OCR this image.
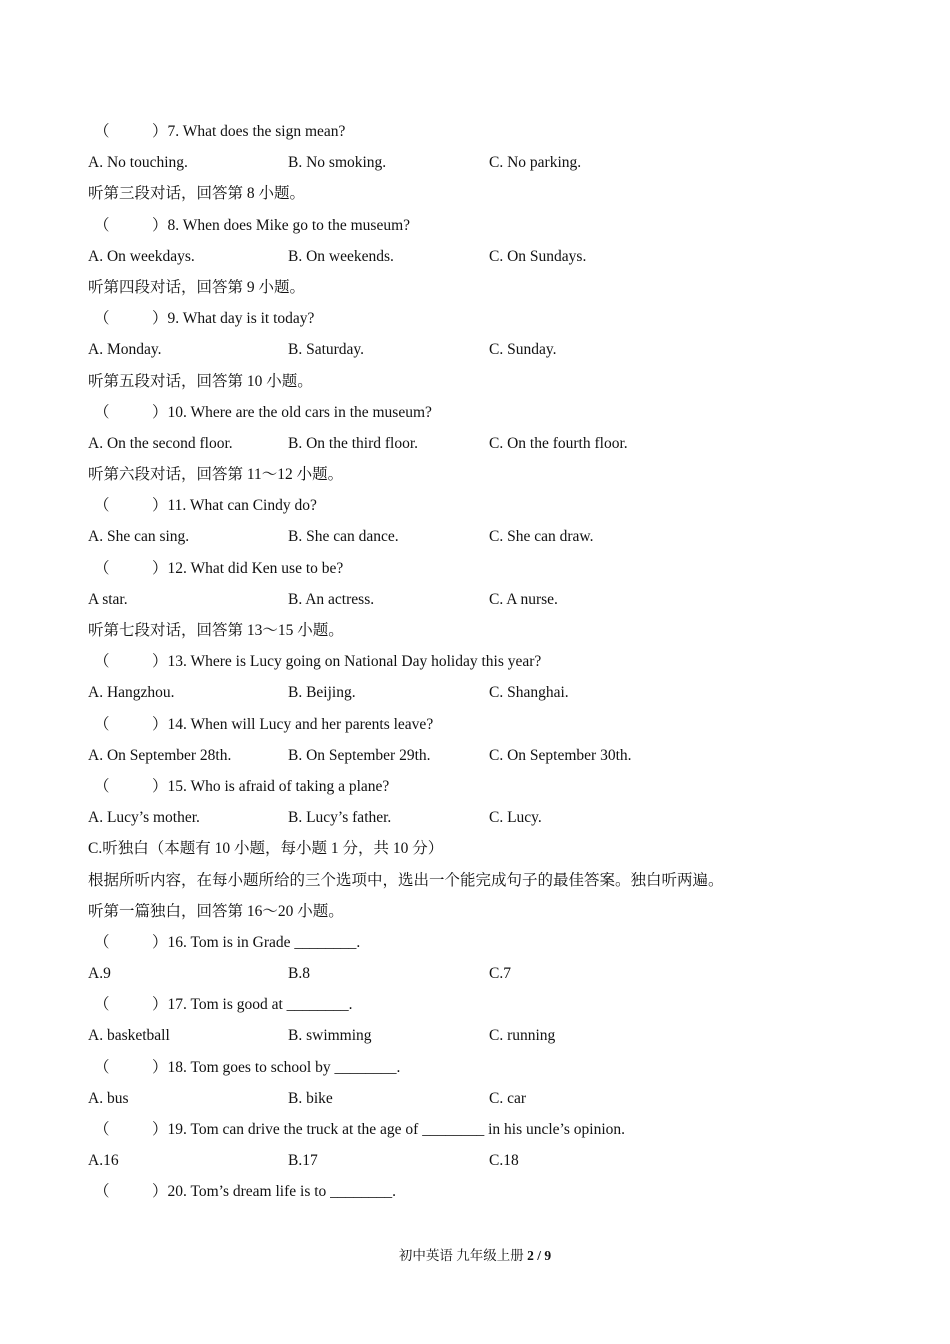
（	）7. What does the sign mean?
A. No touching.	B. No smoking.	C. No parking.
听第三段对话，回答第 8 小题。
（	）8. When does Mike go to the museum?
A. On weekdays.	B. On weekends.	C. On Sundays.
听第四段对话，回答第 9 小题。
（	）9. What day is it today?
A. Monday.	B. Saturday.	C. Sunday.
听第五段对话，回答第 10 小题。
（	）10. Where are the old cars in the museum?
A. On the second floor.	B. On the third floor.	C. On the fourth floor.
听第六段对话，回答第 11～12 小题。
（	）11. What can Cindy do?
A. She can sing.	B. She can dance.	C. She can draw.
（	）12. What did Ken use to be?
A star.	B. An actress.	C. A nurse.
听第七段对话，回答第 13～15 小题。
（	）13. Where is Lucy going on National Day holiday this year?
A. Hangzhou.	B. Beijing.	C. Shanghai.
（	）14. When will Lucy and her parents leave?
A. On September 28th.	B. On September 29th.	C. On September 30th.
（	）15. Who is afraid of taking a plane?
A. Lucy’s mother.	B. Lucy’s father.	C. Lucy.
C.听独白（本题有 10 小题，每小题 1 分，共 10 分）
根据所听内容，在每小题所给的三个选项中，选出一个能完成句子的最佳答案。独白听两遍。
听第一篇独白，回答第 16～20 小题。
（	）16. Tom is in Grade ________.
A.9	B.8	C.7
（	）17. Tom is good at ________.
A. basketball	B. swimming	C. running
（	）18. Tom goes to school by ________.
A. bus	B. bike	C. car
（	）19. Tom can drive the truck at the age of ________ in his uncle’s opinion.
A.16	B.17	C.18
（	）20. Tom’s dream life is to ________.
初中英语 九年级上册 2 / 9
